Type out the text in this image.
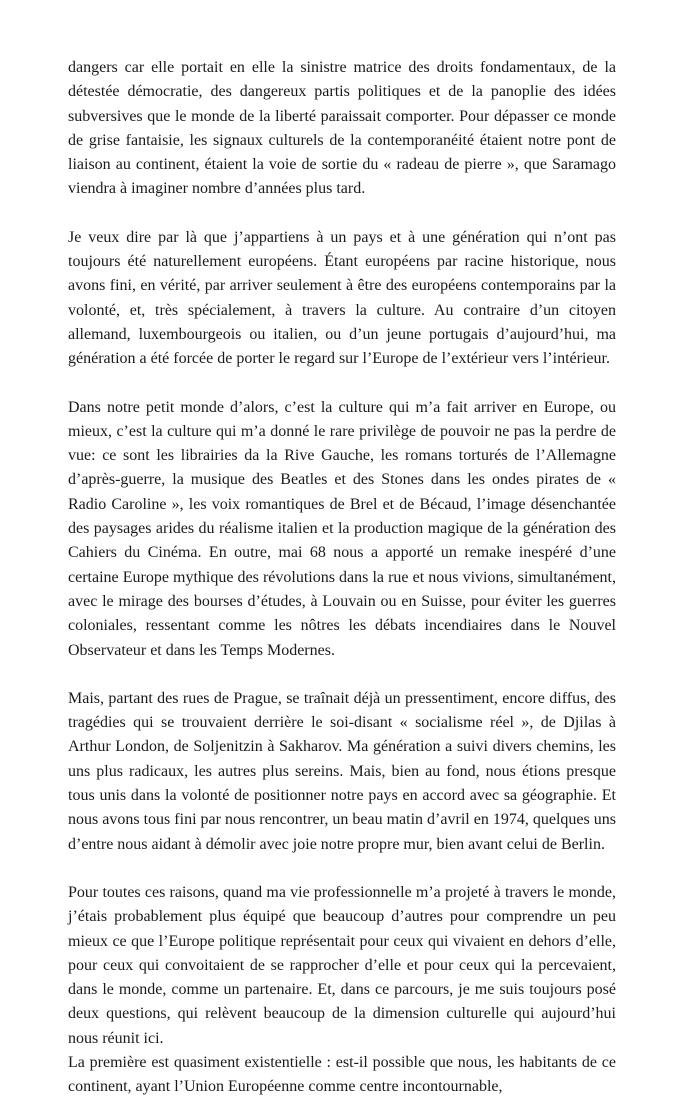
dangers car elle portait en elle la sinistre matrice des droits fondamentaux, de la détestée démocratie, des dangereux partis politiques et de la panoplie des idées subversives que le monde de la liberté paraissait comporter. Pour dépasser ce monde de grise fantaisie, les signaux culturels de la contemporanéité étaient notre pont de liaison au continent, étaient la voie de sortie du « radeau de pierre », que Saramago viendra à imaginer nombre d’années plus tard.

Je veux dire par là que j’appartiens à un pays et à une génération qui n’ont pas toujours été naturellement européens. Étant européens par racine historique, nous avons fini, en vérité, par arriver seulement à être des européens contemporains par la volonté, et, très spécialement, à travers la culture. Au contraire d’un citoyen allemand, luxembourgeois ou italien, ou d’un jeune portugais d’aujourd’hui, ma génération a été forcée de porter le regard sur l’Europe de l’extérieur vers l’intérieur.

Dans notre petit monde d’alors, c’est la culture qui m’a fait arriver en Europe, ou mieux, c’est la culture qui m’a donné le rare privilège de pouvoir ne pas la perdre de vue: ce sont les librairies da la Rive Gauche, les romans torturés de l’Allemagne d’après-guerre, la musique des Beatles et des Stones dans les ondes pirates de « Radio Caroline », les voix romantiques de Brel et de Bécaud, l’image désenchantée des paysages arides du réalisme italien et la production magique de la génération des Cahiers du Cinéma. En outre, mai 68 nous a apporté un remake inespéré d’une certaine Europe mythique des révolutions dans la rue et nous vivions, simultanément, avec le mirage des bourses d’études, à Louvain ou en Suisse, pour éviter les guerres coloniales, ressentant comme les nôtres les débats incendiaires dans le Nouvel Observateur et dans les Temps Modernes.

Mais, partant des rues de Prague, se traînait déjà un pressentiment, encore diffus, des tragédies qui se trouvaient derrière le soi-disant « socialisme réel », de Djilas à Arthur London, de Soljenitzin à Sakharov. Ma génération a suivi divers chemins, les uns plus radicaux, les autres plus sereins. Mais, bien au fond, nous étions presque tous unis dans la volonté de positionner notre pays en accord avec sa géographie. Et nous avons tous fini par nous rencontrer, un beau matin d’avril en 1974, quelques uns d’entre nous aidant à démolir avec joie notre propre mur, bien avant celui de Berlin.

Pour toutes ces raisons, quand ma vie professionnelle m’a projeté à travers le monde, j’étais probablement plus équipé que beaucoup d’autres pour comprendre un peu mieux ce que l’Europe politique représentait pour ceux qui vivaient en dehors d’elle, pour ceux qui convoitaient de se rapprocher d’elle et pour ceux qui la percevaient, dans le monde, comme un partenaire. Et, dans ce parcours, je me suis toujours posé deux questions, qui relèvent beaucoup de la dimension culturelle qui aujourd’hui nous réunit ici.

La première est quasiment existentielle : est-il possible que nous, les habitants de ce continent, ayant l’Union Européenne comme centre incontournable,
